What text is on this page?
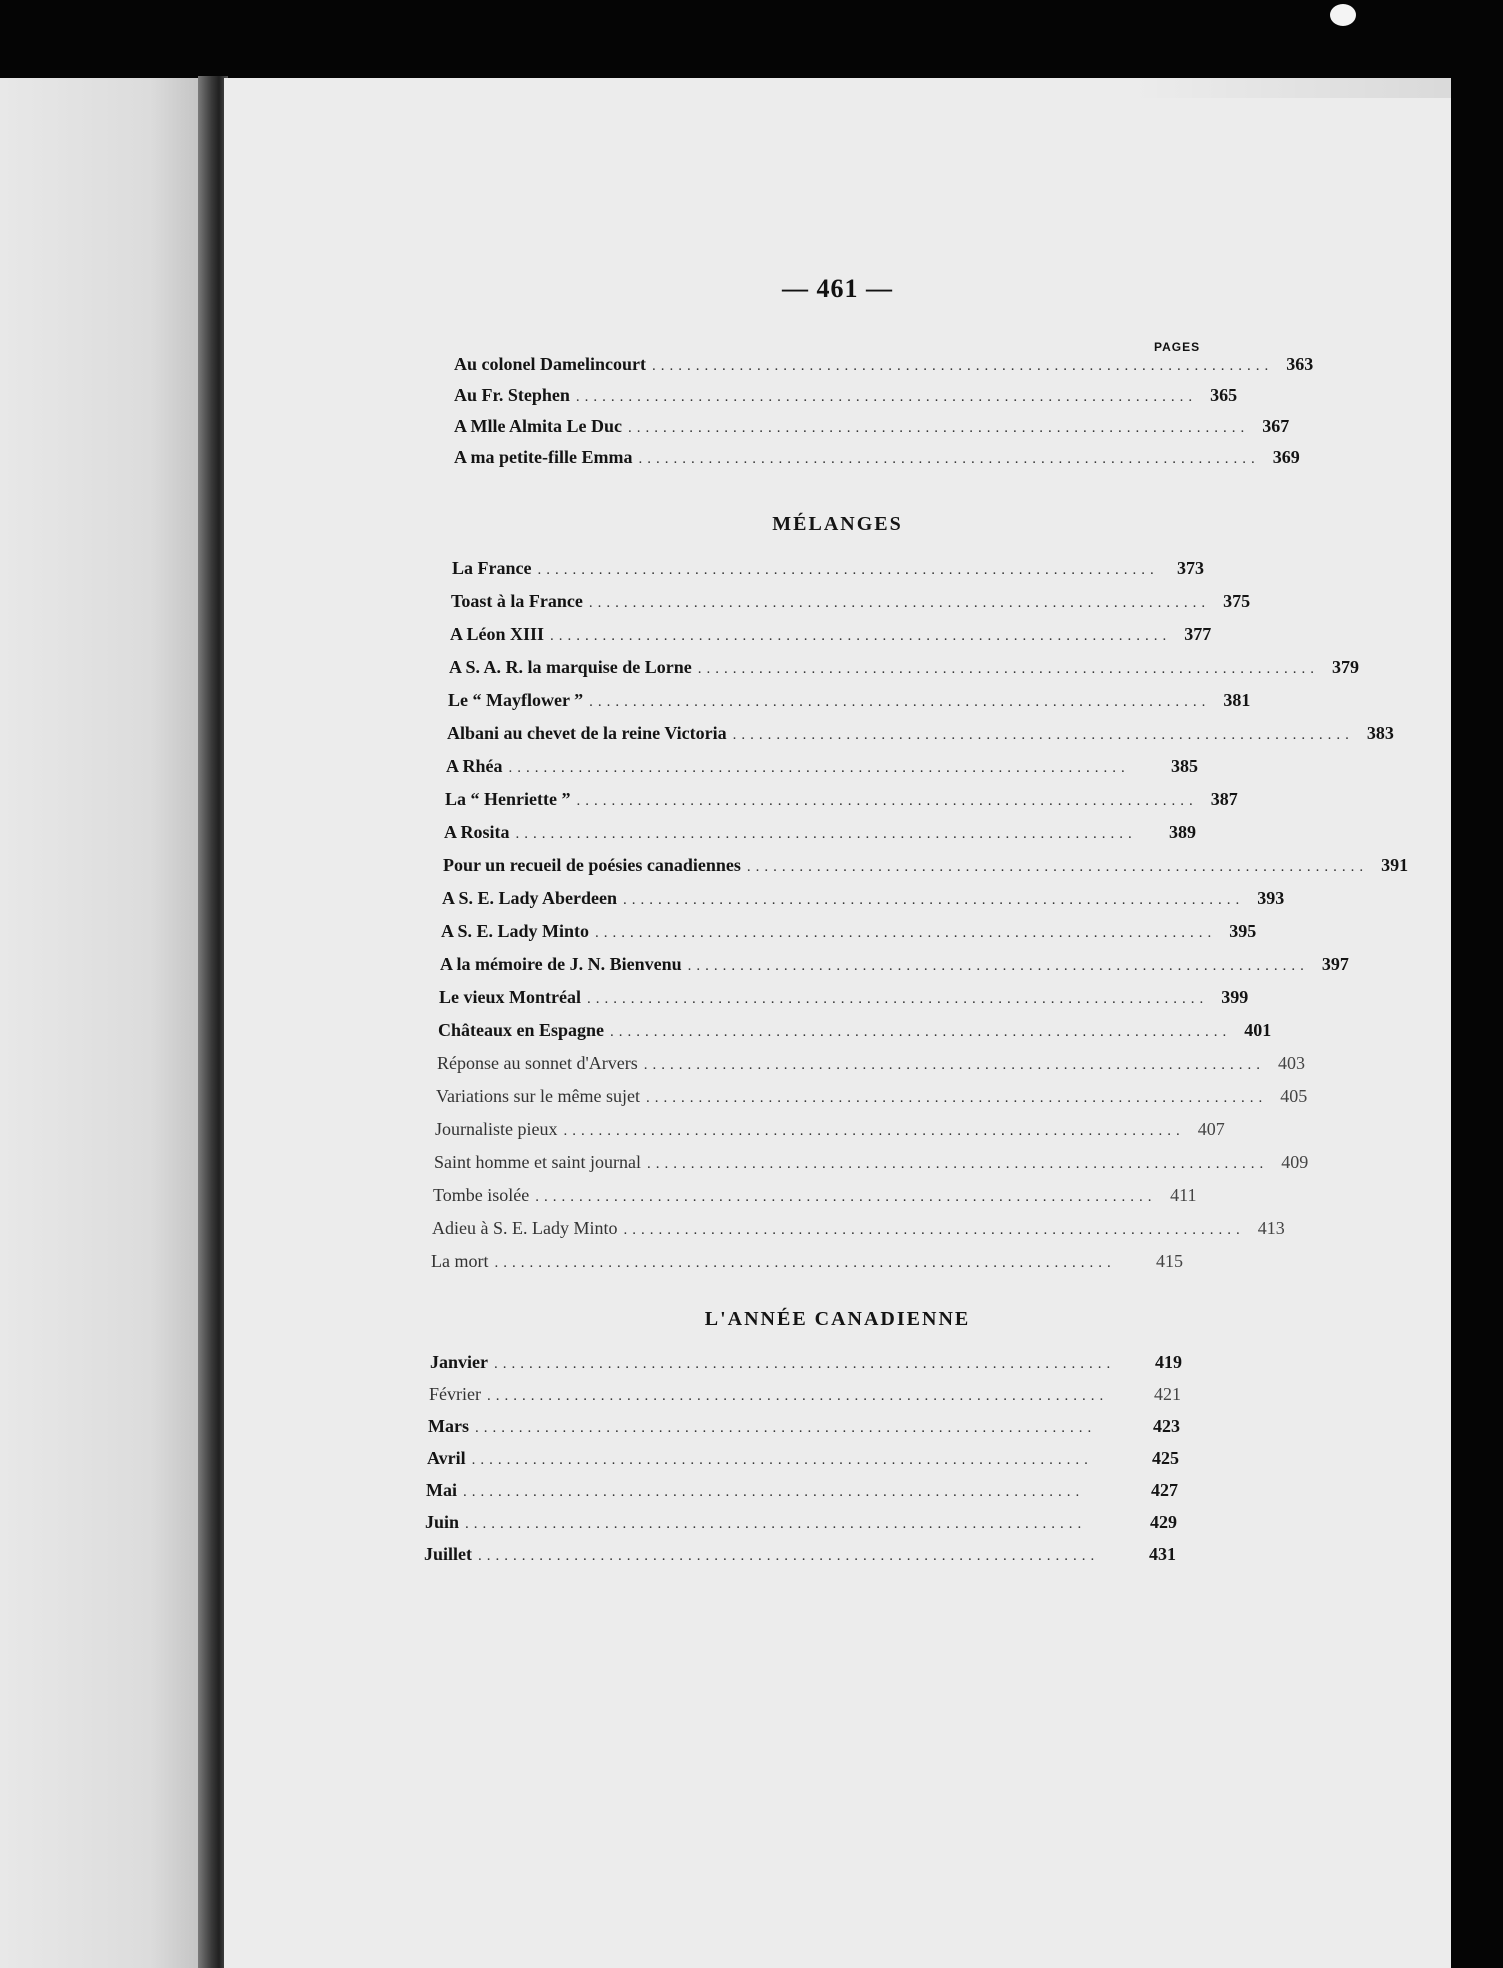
— 461 —
PAGES
Au colonel Damelincourt ....................................................................... 363
Au Fr. Stephen ....................................................................... 365
A Mlle Almita Le Duc ....................................................................... 367
A ma petite-fille Emma ....................................................................... 369
MÉLANGES
La France .......................................................................	373
Toast à la France ....................................................................... 375
A Léon XIII ....................................................................... 377
A S. A. R. la marquise de Lorne ....................................................................... 379
Le “ Mayflower ” ....................................................................... 381
Albani au chevet de la reine Victoria ....................................................................... 383
A Rhéa .......................................................................	385
La “ Henriette ” ....................................................................... 387
A Rosita .......................................................................	389
Pour un recueil de poésies canadiennes ....................................................................... 391
A S. E. Lady Aberdeen ....................................................................... 393
A S. E. Lady Minto ....................................................................... 395
A la mémoire de J. N. Bienvenu ....................................................................... 397
Le vieux Montréal ....................................................................... 399
Châteaux en Espagne ....................................................................... 401
Réponse au sonnet d'Arvers ....................................................................... 403
Variations sur le même sujet ....................................................................... 405
Journaliste pieux ....................................................................... 407
Saint homme et saint journal ....................................................................... 409
Tombe isolée ....................................................................... 411
Adieu à S. E. Lady Minto ....................................................................... 413
La mort .......................................................................	415
L'ANNÉE CANADIENNE
Janvier .......................................................................	419
Février .......................................................................	421
Mars .......................................................................	423
Avril .......................................................................	425
Mai .......................................................................	427
Juin .......................................................................	429
Juillet .......................................................................	431
